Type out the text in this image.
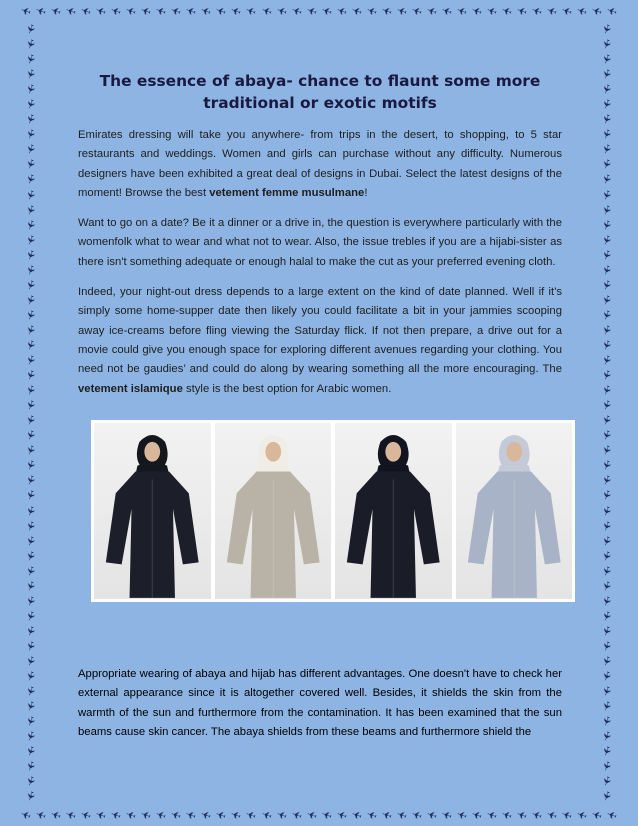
✈ ✈ ✈ ✈ ✈ ✈ ✈ ✈ ✈ ✈ ✈ ✈ ✈ ✈ ✈ ✈ ✈ ✈ ✈ ✈ ✈ ✈ ✈ ✈ ✈ ✈ ✈ ✈ ✈ ✈ ✈ ✈ ✈ ✈ ✈ ✈ ✈ ✈ ✈ ✈
✈ ✈ ✈ ✈ ✈ ✈ ✈ ✈ ✈ ✈ ✈ ✈ ✈ ✈ ✈ ✈ ✈ ✈ ✈ ✈ ✈ ✈ ✈ ✈ ✈ ✈ ✈ ✈ ✈ ✈ ✈ ✈ ✈ ✈ ✈ ✈ ✈ ✈ ✈ ✈
✈
✈
✈
✈
✈
✈
✈
✈
✈
✈
✈
✈
✈
✈
✈
✈
✈
✈
✈
✈
✈
✈
✈
✈
✈
✈
✈
✈
✈
✈
✈
✈
✈
✈
✈
✈
✈
✈
✈
✈
✈
✈
✈
✈
✈
✈
✈
✈
✈
✈
✈
✈
✈
✈
✈
✈
✈
✈
✈
✈
✈
✈
✈
✈
✈
✈
✈
✈
✈
✈
✈
✈
✈
✈
✈
✈
✈
✈
✈
✈
✈
✈
✈
✈
✈
✈
✈
✈
✈
✈
✈
✈
✈
✈
✈
✈
✈
✈
✈
✈
✈
✈
✈
✈
The essence of abaya- chance to flaunt some more
traditional or exotic motifs

Emirates dressing will take you anywhere- from trips in the desert, to shopping, to 5 star restaurants and weddings. Women and girls can purchase without any difficulty. Numerous designers have been exhibited a great deal of designs in Dubai. Select the latest designs of the moment! Browse the best vetement femme musulmane!

Want to go on a date? Be it a dinner or a drive in, the question is everywhere particularly with the womenfolk what to wear and what not to wear. Also, the issue trebles if you are a hijabi-sister as there isn't something adequate or enough halal to make the cut as your preferred evening cloth.

Indeed, your night-out dress depends to a large extent on the kind of date planned. Well if it's simply some home-supper date then likely you could facilitate a bit in your jammies scooping away ice-creams before fling viewing the Saturday flick. If not then prepare, a drive out for a movie could give you enough space for exploring different avenues regarding your clothing. You need not be gaudies’ and could do along by wearing something all the more encouraging. The vetement islamique style is the best option for Arabic women.

Appropriate wearing of abaya and hijab has different advantages. One doesn't have to check her external appearance since it is altogether covered well. Besides, it shields the skin from the warmth of the sun and furthermore from the contamination. It has been examined that the sun beams cause skin cancer. The abaya shields from these beams and furthermore shield the
